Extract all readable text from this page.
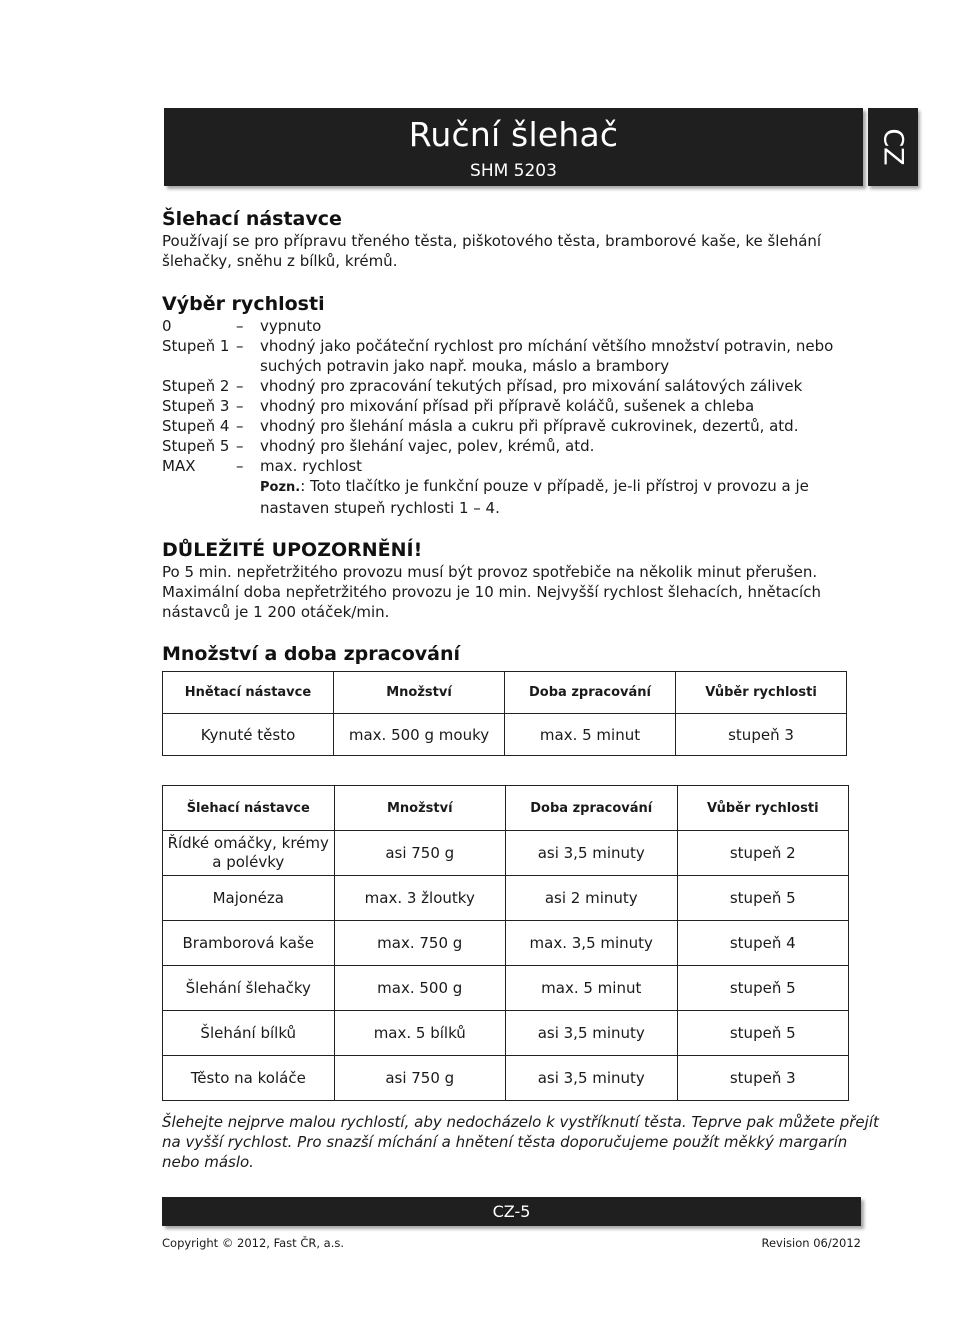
Ruční šlehač
SHM 5203
CZ
Šlehací nástavce

Používají se pro přípravu třeného těsta, piškotového těsta, bramborové kaše, ke šlehání šlehačky, sněhu z bílků, krémů.

Výběr rychlosti
0	–	vypnuto
Stupeň 1 –	vhodný jako počáteční rychlost pro míchání většího množství potravin, nebo suchých potravin jako např. mouka, máslo a brambory
Stupeň 2 –	vhodný pro zpracování tekutých přísad, pro mixování salátových zálivek
Stupeň 3 –	vhodný pro mixování přísad při přípravě koláčů, sušenek a chleba
Stupeň 4 –	vhodný pro šlehání másla a cukru při přípravě cukrovinek, dezertů, atd.
Stupeň 5 –	vhodný pro šlehání vajec, polev, krémů, atd.
MAX	–	max. rychlost
Pozn.: Toto tlačítko je funkční pouze v případě, je-li přístroj v provozu a je nastaven stupeň rychlosti 1 – 4.
DŮLEŽITÉ UPOZORNĚNÍ!

Po 5 min. nepřetržitého provozu musí být provoz spotřebiče na několik minut přerušen. Maximální doba nepřetržitého provozu je 10 min. Nejvyšší rychlost šlehacích, hnětacích nástavců je 1 200 otáček/min.

Množství a doba zpracování
Hnětací nástavce	Množství	Doba zpracování	Vůběr rychlosti
Kynuté těsto	max. 500 g mouky	max. 5 minut	stupeň 3
Šlehací nástavce	Množství	Doba zpracování	Vůběr rychlosti
Řídké omáčky, krémy a polévky	asi 750 g	asi 3,5 minuty	stupeň 2
Majonéza	max. 3 žloutky	asi 2 minuty	stupeň 5
Bramborová kaše	max. 750 g	max. 3,5 minuty	stupeň 4
Šlehání šlehačky	max. 500 g	max. 5 minut	stupeň 5
Šlehání bílků	max. 5 bílků	asi 3,5 minuty	stupeň 5
Těsto na koláče	asi 750 g	asi 3,5 minuty	stupeň 3

Šlehejte nejprve malou rychlostí, aby nedocházelo k vystříknutí těsta. Teprve pak můžete přejít na vyšší rychlost. Pro snazší míchání a hnětení těsta doporučujeme použít měkký margarín nebo máslo.

CZ-5
Copyright © 2012, Fast ČR, a.s.	Revision 06/2012
